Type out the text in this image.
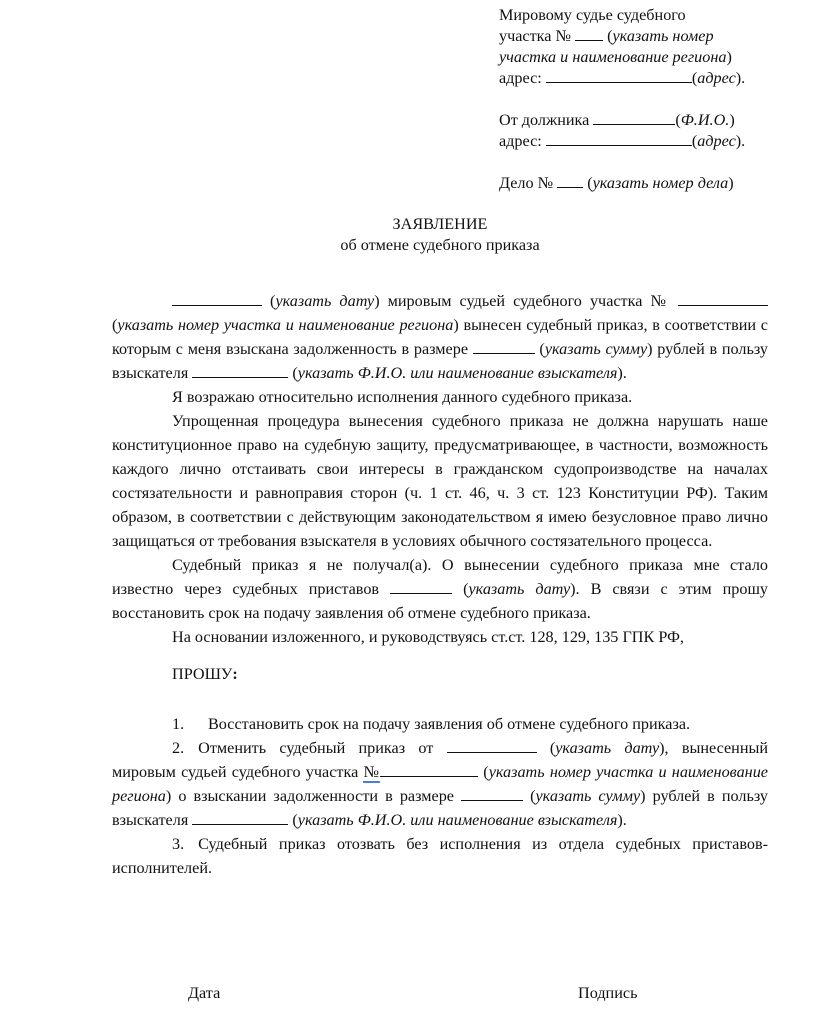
Мировому судье судебного

участка №  (указать номер

участка и наименование региона)

адрес:	(адрес).

От должника	(Ф.И.О.)

адрес:	(адрес).

Дело №  (указать номер дела)

ЗАЯВЛЕНИЕ
об отмене судебного приказа

(указать дату) мировым судьей судебного участка №  (указать номер участка и наименование региона) вынесен судебный приказ, в соответствии с которым с меня взыскана задолженность в размере	(указать сумму) рублей в пользу взыскателя	(указать Ф.И.О. или наименование взыскателя).

Я возражаю относительно исполнения данного судебного приказа.

Упрощенная процедура вынесения судебного приказа не должна нарушать наше конституционное право на судебную защиту, предусматривающее, в частности, возможность каждого лично отстаивать свои интересы в гражданском судопроизводстве на началах состязательности и равноправия сторон (ч. 1 ст. 46, ч. 3 ст. 123 Конституции РФ). Таким образом, в соответствии с действующим законодательством я имею безусловное право лично защищаться от требования взыскателя в условиях обычного состязательного процесса.

Судебный приказ я не получал(а). О вынесении судебного приказа мне стало известно через судебных приставов	(указать дату). В связи с этим прошу восстановить срок на подачу заявления об отмене судебного приказа.

На основании изложенного, и руководствуясь ст.ст. 128, 129, 135 ГПК РФ,

ПРОШУ:

1. Восстановить срок на подачу заявления об отмене судебного приказа.

2. Отменить судебный приказ от	(указать дату), вынесенный мировым судьей судебного участка №	(указать номер участка и наименование региона) о взыскании задолженности в размере	(указать сумму) рублей в пользу взыскателя	(указать Ф.И.О. или наименование взыскателя).

3. Судебный приказ отозвать без исполнения из отдела судебных приставов-исполнителей.

Дата	Подпись
